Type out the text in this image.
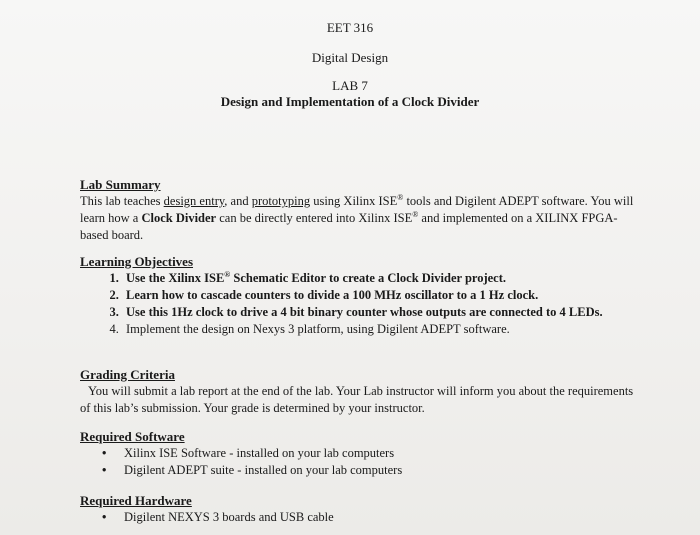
EET 316
Digital Design
LAB 7
Design and Implementation of a Clock Divider
Lab Summary
This lab teaches design entry, and prototyping using Xilinx ISE® tools and Digilent ADEPT software. You will learn how a Clock Divider can be directly entered into Xilinx ISE® and implemented on a XILINX FPGA-based board.
Learning Objectives
1. Use the Xilinx ISE® Schematic Editor to create a Clock Divider project.
2. Learn how to cascade counters to divide a 100 MHz oscillator to a 1 Hz clock.
3. Use this 1Hz clock to drive a 4 bit binary counter whose outputs are connected to 4 LEDs.
4. Implement the design on Nexys 3 platform, using Digilent ADEPT software.
Grading Criteria
You will submit a lab report at the end of the lab. Your Lab instructor will inform you about the requirements of this lab’s submission. Your grade is determined by your instructor.
Required Software
• Xilinx ISE Software - installed on your lab computers
• Digilent ADEPT suite - installed on your lab computers
Required Hardware
• Digilent NEXYS 3 boards and USB cable
